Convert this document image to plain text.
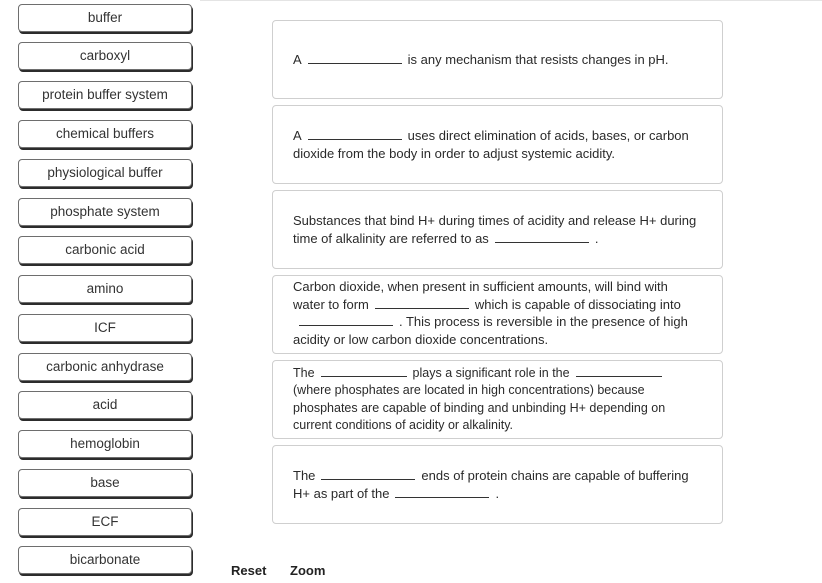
buffer
carboxyl
protein buffer system
chemical buffers
physiological buffer
phosphate system
carbonic acid
amino
ICF
carbonic anhydrase
acid
hemoglobin
base
ECF
bicarbonate
A	is any mechanism that resists changes in pH.
A	uses direct elimination of acids, bases, or carbon dioxide from the body in order to adjust systemic acidity.
Substances that bind H+ during times of acidity and release H+ during time of alkalinity are referred to as	.
Carbon dioxide, when present in sufficient amounts, will bind with water to form	which is capable of dissociating into. This process is reversible in the presence of high acidity or low carbon dioxide concentrations.
The	plays a significant role in the(where phosphates are located in high concentrations) because phosphates are capable of binding and unbinding H+ depending on current conditions of acidity or alkalinity.
The	ends of protein chains are capable of buffering H+ as part of the	.
Reset Zoom
